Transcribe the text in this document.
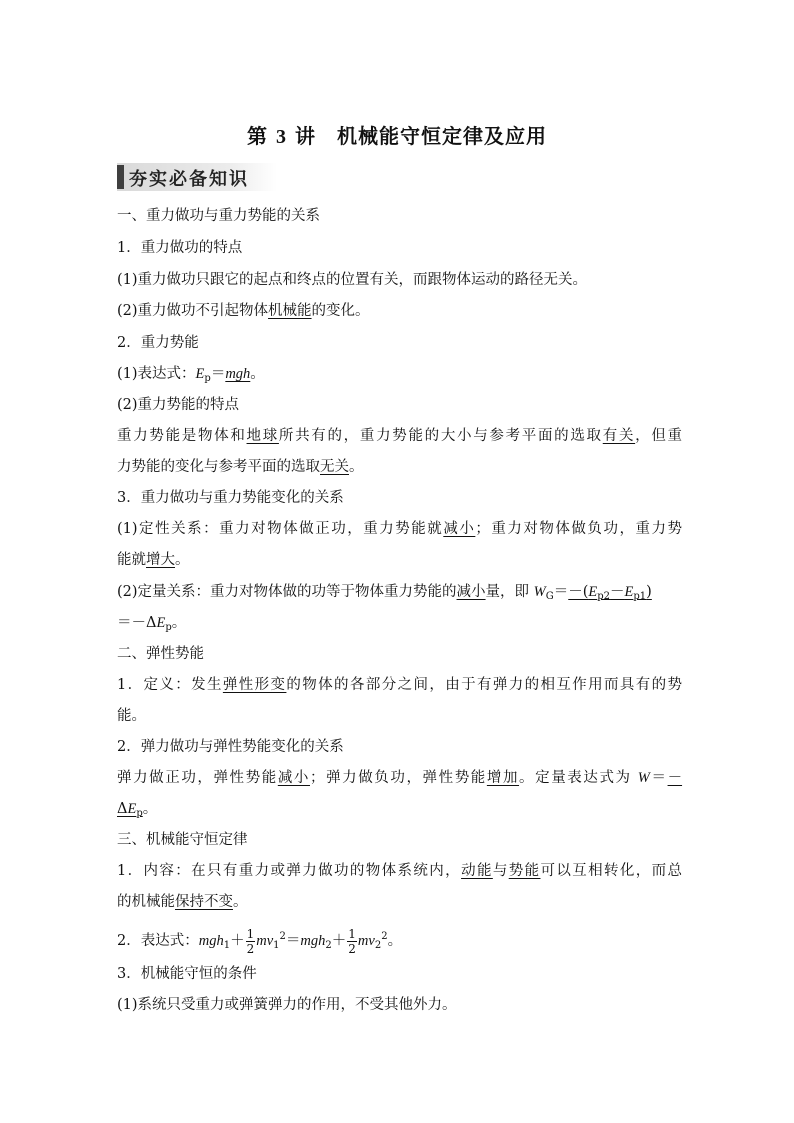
第 3 讲　机械能守恒定律及应用
夯实必备知识
一、重力做功与重力势能的关系
1．重力做功的特点
(1)重力做功只跟它的起点和终点的位置有关，而跟物体运动的路径无关。
(2)重力做功不引起物体机械能的变化。
2．重力势能
(1)表达式：$E_p=mgh$。
(2)重力势能的特点
重力势能是物体和地球所共有的，重力势能的大小与参考平面的选取有关，但重
力势能的变化与参考平面的选取无关。
3．重力做功与重力势能变化的关系
(1)定性关系：重力对物体做正功，重力势能就减小；重力对物体做负功，重力势
能就增大。
(2)定量关系：重力对物体做的功等于物体重力势能的减小量，即 $W_G=-(E_{p2}-E_{p1})$
$=-\Delta E_p$。
二、弹性势能
1．定义：发生弹性形变的物体的各部分之间，由于有弹力的相互作用而具有的势
能。
2．弹力做功与弹性势能变化的关系
弹力做正功，弹性势能减小；弹力做负功，弹性势能增加。定量表达式为 W＝－
$\Delta E_p$。
三、机械能守恒定律
1．内容：在只有重力或弹力做功的物体系统内，动能与势能可以互相转化，而总
的机械能保持不变。
2．表达式：$mgh_1+ \frac{1}{2} mv_1^2=mgh_2+ \frac{1}{2} mv_2^2$。
3．机械能守恒的条件
(1)系统只受重力或弹簧弹力的作用，不受其他外力。
